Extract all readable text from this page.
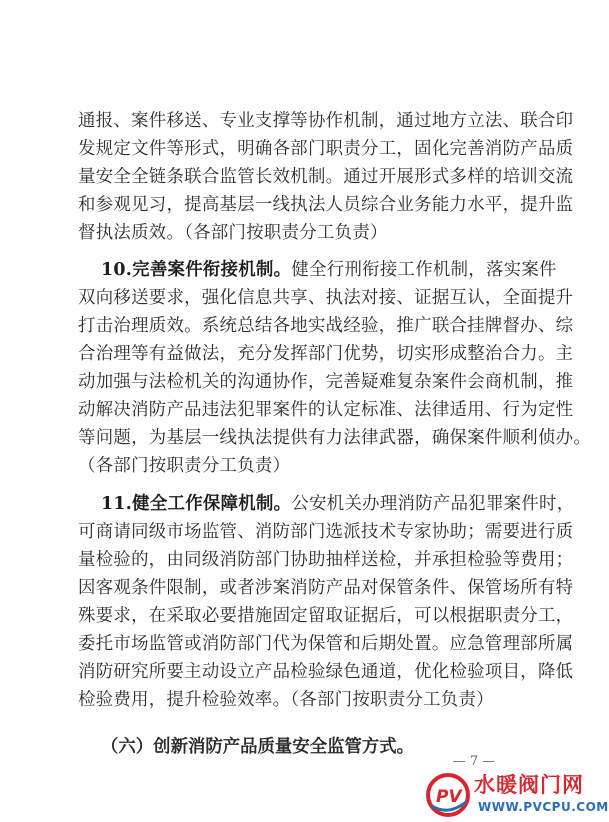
通报、案件移送、专业支撑等协作机制，通过地方立法、联合印
发规定文件等形式，明确各部门职责分工，固化完善消防产品质
量安全全链条联合监管长效机制。通过开展形式多样的培训交流
和参观见习，提高基层一线执法人员综合业务能力水平，提升监
督执法质效。（各部门按职责分工负责）
10.完善案件衔接机制。健全行刑衔接工作机制，落实案件
双向移送要求，强化信息共享、执法对接、证据互认，全面提升
打击治理质效。系统总结各地实战经验，推广联合挂牌督办、综
合治理等有益做法，充分发挥部门优势，切实形成整治合力。主
动加强与法检机关的沟通协作，完善疑难复杂案件会商机制，推
动解决消防产品违法犯罪案件的认定标准、法律适用、行为定性
等问题，为基层一线执法提供有力法律武器，确保案件顺利侦办。
（各部门按职责分工负责）
11.健全工作保障机制。公安机关办理消防产品犯罪案件时，
可商请同级市场监管、消防部门选派技术专家协助；需要进行质
量检验的，由同级消防部门协助抽样送检，并承担检验等费用；
因客观条件限制，或者涉案消防产品对保管条件、保管场所有特
殊要求，在采取必要措施固定留取证据后，可以根据职责分工，
委托市场监管或消防部门代为保管和后期处置。应急管理部所属
消防研究所要主动设立产品检验绿色通道，优化检验项目，降低
检验费用，提升检验效率。（各部门按职责分工负责）
（六）创新消防产品质量安全监管方式。
— 7 —
PV 水暖阀门网
WWW.PVCPU.COM
